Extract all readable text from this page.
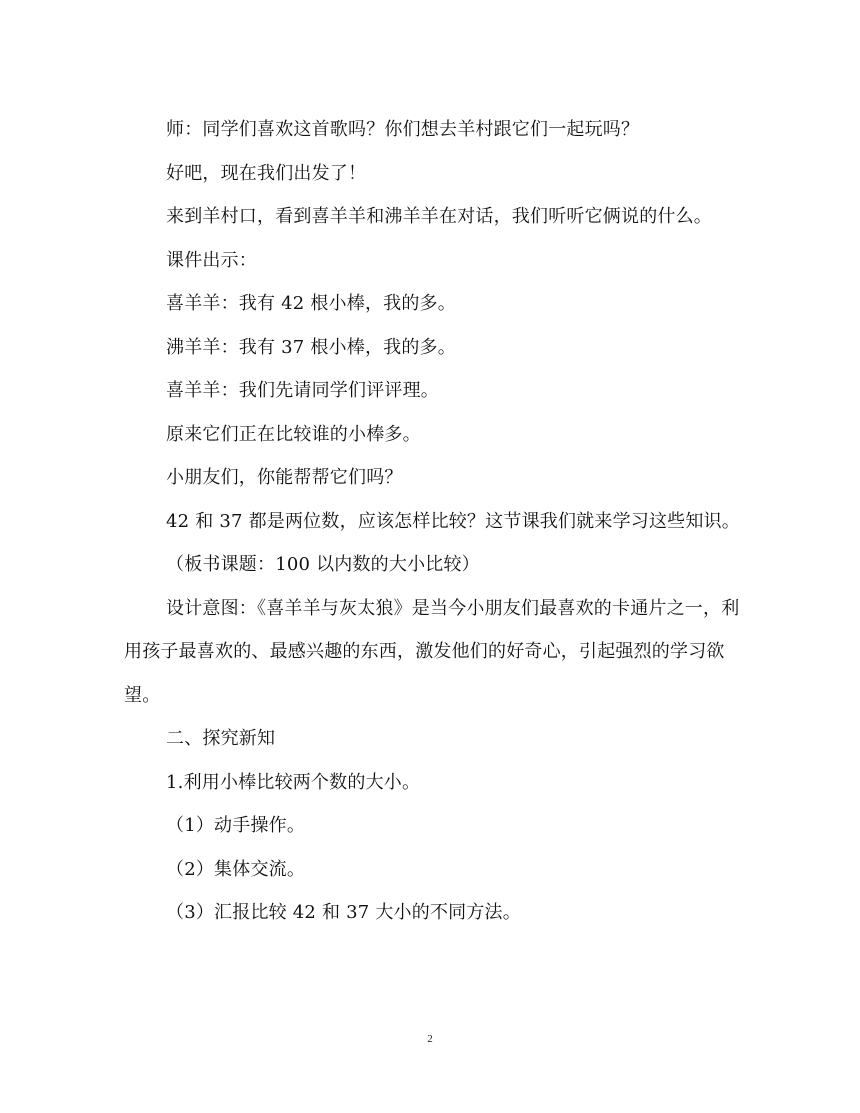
师：同学们喜欢这首歌吗？你们想去羊村跟它们一起玩吗？

好吧，现在我们出发了！

来到羊村口，看到喜羊羊和沸羊羊在对话，我们听听它俩说的什么。

课件出示：

喜羊羊：我有 42 根小棒，我的多。

沸羊羊：我有 37 根小棒，我的多。

喜羊羊：我们先请同学们评评理。

原来它们正在比较谁的小棒多。

小朋友们，你能帮帮它们吗？

42 和 37 都是两位数，应该怎样比较？这节课我们就来学习这些知识。

（板书课题：100 以内数的大小比较）

设计意图：《喜羊羊与灰太狼》是当今小朋友们最喜欢的卡通片之一，利用孩子最喜欢的、最感兴趣的东西，激发他们的好奇心，引起强烈的学习欲望。

二、探究新知

1.利用小棒比较两个数的大小。

（1）动手操作。

（2）集体交流。

（3）汇报比较 42 和 37 大小的不同方法。

2
